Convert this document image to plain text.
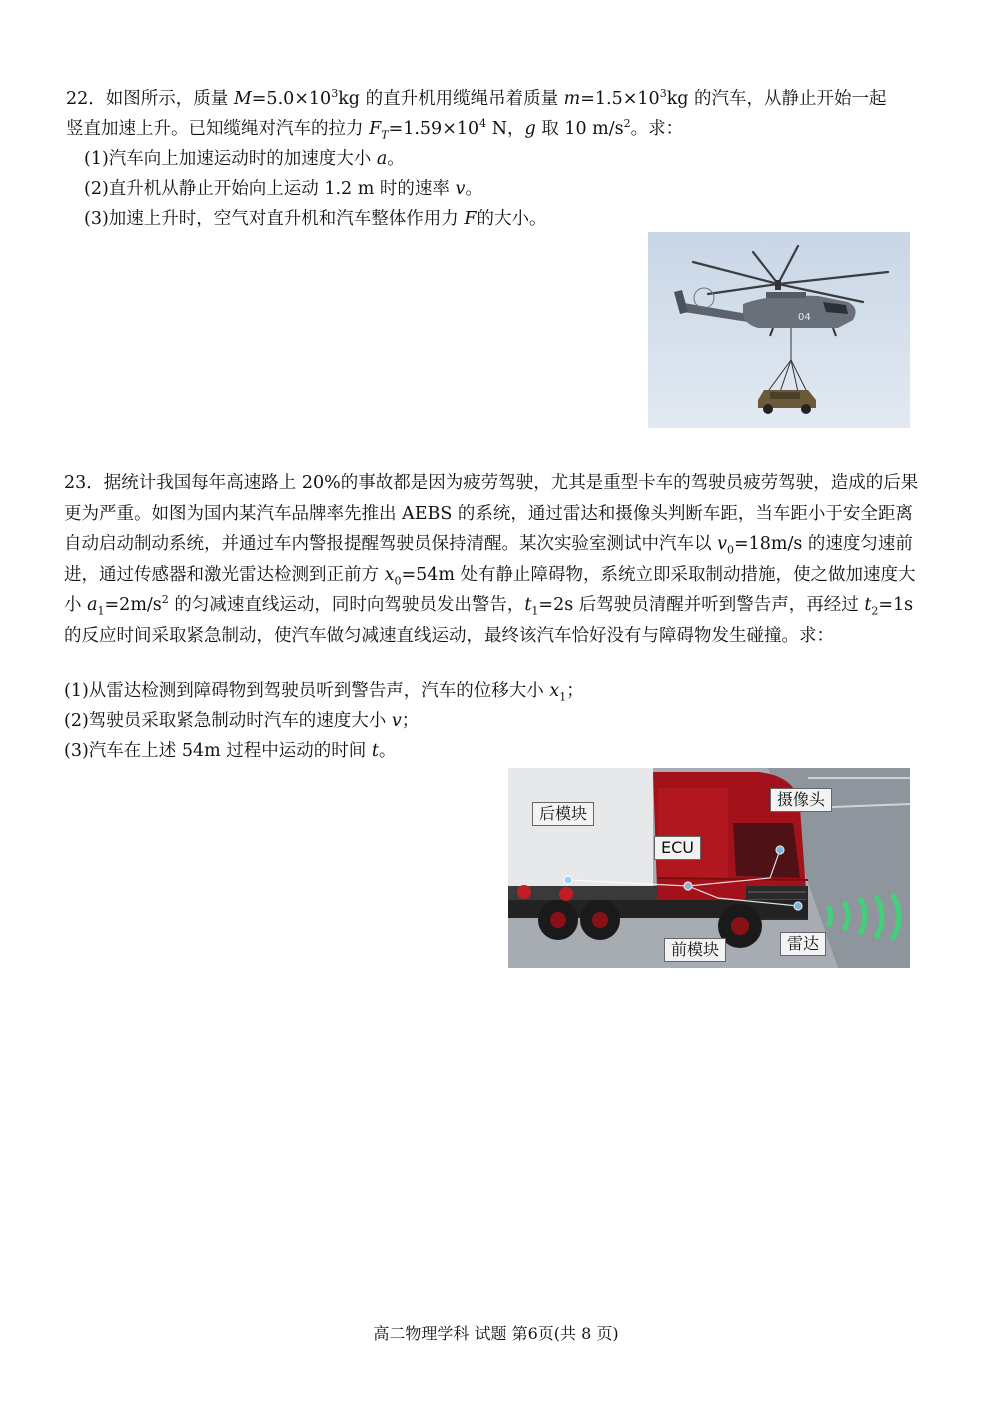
22．如图所示，质量 $M=5.0\times 10^3kg$ 的直升机用缆绳吊着质量 $m=1.5\times 10^3kg$ 的汽车，从静止开始一起
竖直加速上升。已知缆绳对汽车的拉力 $F_T=1.59\times 10^4$ N，g 取 10 $m/s^2$。求：
(1)汽车向上加速运动时的加速度大小 a。
(2)直升机从静止开始向上运动 1.2 m 时的速率 v。
(3)加速上升时，空气对直升机和汽车整体作用力 F的大小。
04
23．据统计我国每年高速路上 20%的事故都是因为疲劳驾驶，尤其是重型卡车的驾驶员疲劳驾驶，造成的后果更为严重。如图为国内某汽车品牌率先推出 AEBS 的系统，通过雷达和摄像头判断车距，当车距小于安全距离自动启动制动系统，并通过车内警报提醒驾驶员保持清醒。某次实验室测试中汽车以 $v_0=18m/s$ 的速度匀速前进，通过传感器和激光雷达检测到正前方 $x_0=54m$ 处有静止障碍物，系统立即采取制动措施，使之做加速度大小 $a_1=2m/s^2$ 的匀减速直线运动，同时向驾驶员发出警告，$t_1=2s$ 后驾驶员清醒并听到警告声，再经过 $t_2=1s$ 的反应时间采取紧急制动，使汽车做匀减速直线运动，最终该汽车恰好没有与障碍物发生碰撞。求：
(1)从雷达检测到障碍物到驾驶员听到警告声，汽车的位移大小 $x_1$；
(2)驾驶员采取紧急制动时汽车的速度大小 v；
(3)汽车在上述 54m 过程中运动的时间 t。
后模块
ECU
摄像头
前模块	雷达
高二物理学科 试题 第6页(共 8 页)
